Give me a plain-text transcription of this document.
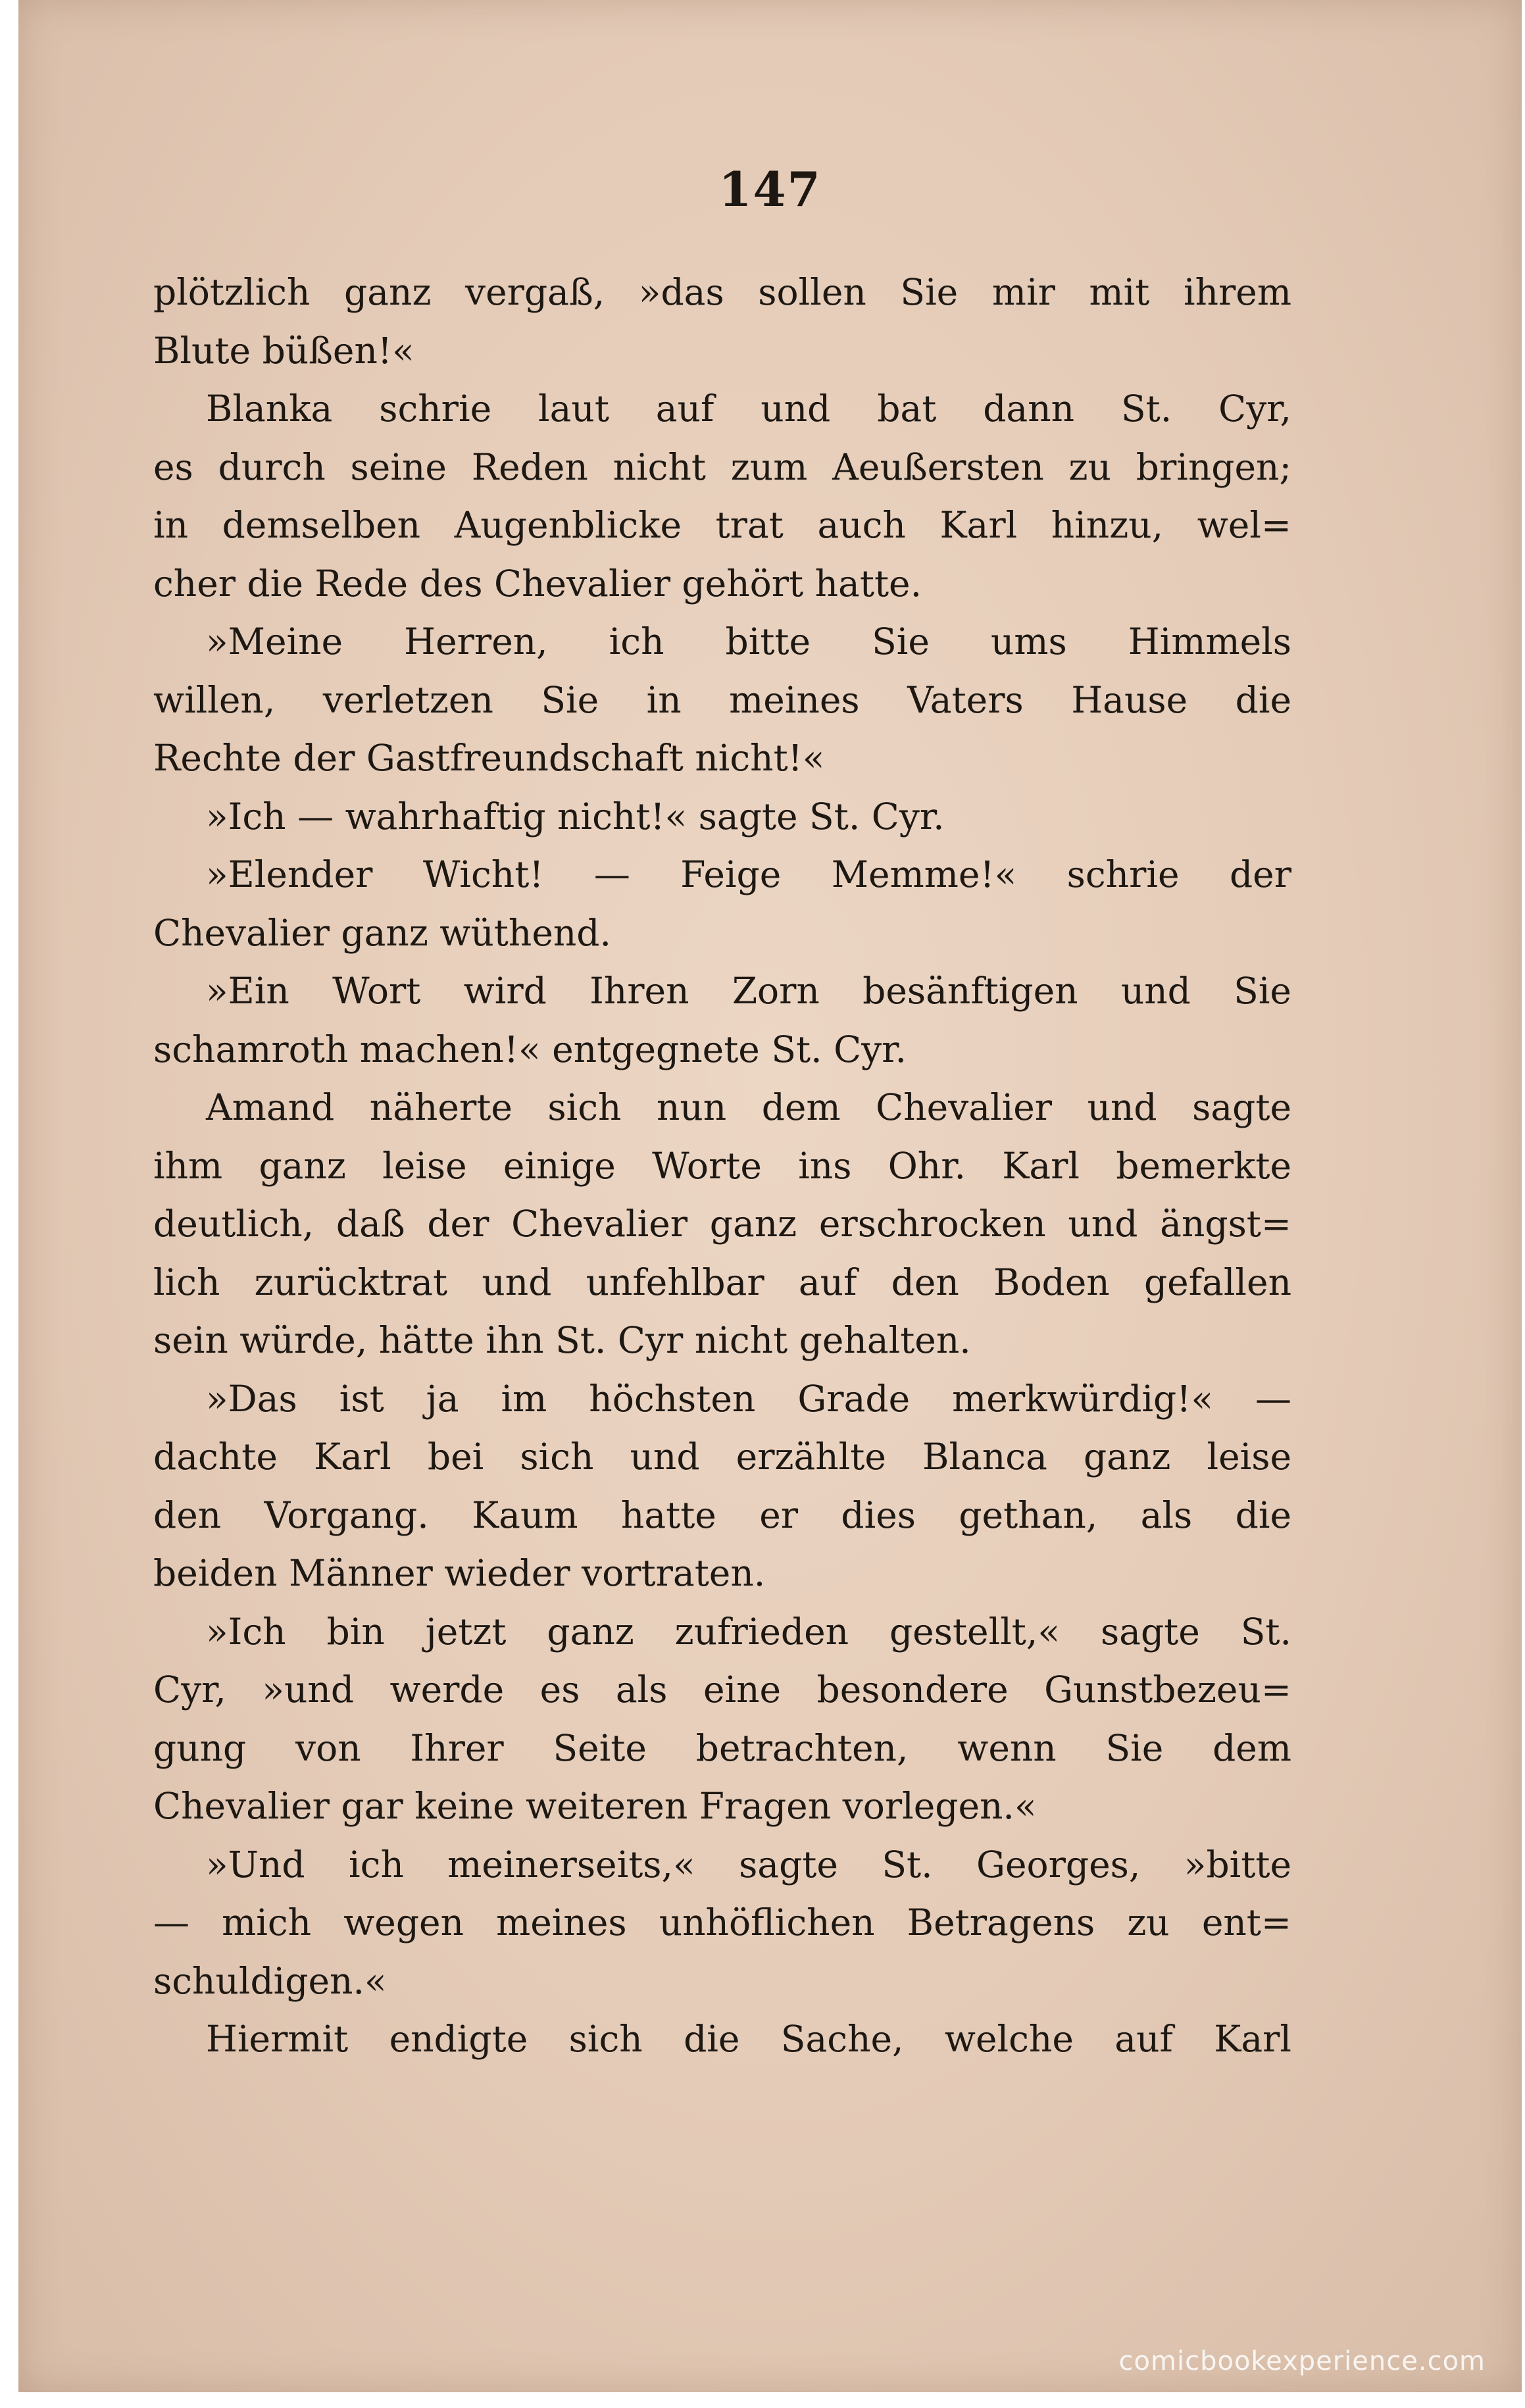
147
plötzlich ganz vergaß, »das sollen Sie mir mit ihrem
Blute büßen!«
Blanka schrie laut auf und bat dann St. Cyr,
es durch seine Reden nicht zum Aeußersten zu bringen;
in demselben Augenblicke trat auch Karl hinzu, wel=
cher die Rede des Chevalier gehört hatte.
»Meine Herren, ich bitte Sie ums Himmels
willen, verletzen Sie in meines Vaters Hause die
Rechte der Gastfreundschaft nicht!«
»Ich — wahrhaftig nicht!« sagte St. Cyr.
»Elender Wicht! — Feige Memme!« schrie der
Chevalier ganz wüthend.
»Ein Wort wird Ihren Zorn besänftigen und Sie
schamroth machen!« entgegnete St. Cyr.
Amand näherte sich nun dem Chevalier und sagte
ihm ganz leise einige Worte ins Ohr. Karl bemerkte
deutlich, daß der Chevalier ganz erschrocken und ängst=
lich zurücktrat und unfehlbar auf den Boden gefallen
sein würde, hätte ihn St. Cyr nicht gehalten.
»Das ist ja im höchsten Grade merkwürdig!« —
dachte Karl bei sich und erzählte Blanca ganz leise
den Vorgang. Kaum hatte er dies gethan, als die
beiden Männer wieder vortraten.
»Ich bin jetzt ganz zufrieden gestellt,« sagte St.
Cyr, »und werde es als eine besondere Gunstbezeu=
gung von Ihrer Seite betrachten, wenn Sie dem
Chevalier gar keine weiteren Fragen vorlegen.«
»Und ich meinerseits,« sagte St. Georges, »bitte
— mich wegen meines unhöflichen Betragens zu ent=
schuldigen.«
Hiermit endigte sich die Sache, welche auf Karl
comicbookexperience.com
